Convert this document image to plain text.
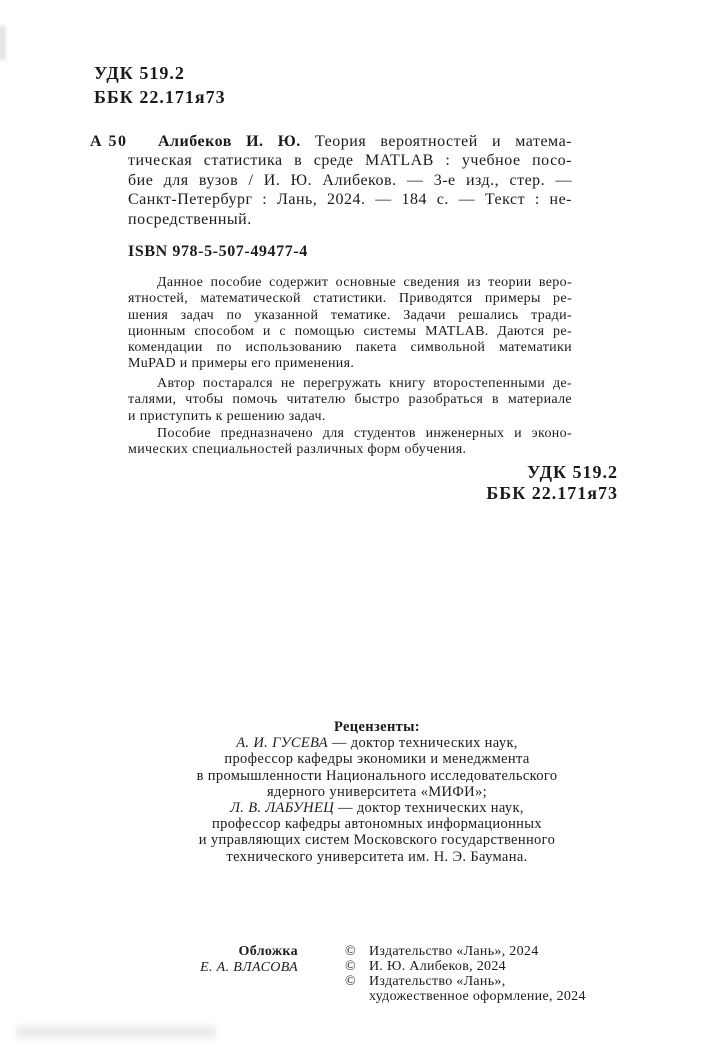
УДК 519.2
ББК 22.171я73
А 50 Алибеков И. Ю. Теория вероятностей и матема-
тическая статистика в среде MATLAB : учебное посо-
бие для вузов / И. Ю. Алибеков. — 3-е изд., стер. —
Санкт-Петербург : Лань, 2024. — 184 с. — Текст : не-
посредственный.
ISBN 978-5-507-49477-4
Данное пособие содержит основные сведения из теории веро-
ятностей, математической статистики. Приводятся примеры ре-
шения задач по указанной тематике. Задачи решались тради-
ционным способом и с помощью системы MATLAB. Даются ре-
комендации по использованию пакета символьной математики
MuPAD и примеры его применения.
Автор постарался не перегружать книгу второстепенными де-
талями, чтобы помочь читателю быстро разобраться в материале
и приступить к решению задач.
Пособие предназначено для студентов инженерных и эконо-
мических специальностей различных форм обучения.
УДК 519.2
ББК 22.171я73
Рецензенты:
А. И. ГУСЕВА — доктор технических наук,
профессор кафедры экономики и менеджмента
в промышленности Национального исследовательского
ядерного университета «МИФИ»;
Л. В. ЛАБУНЕЦ — доктор технических наук,
профессор кафедры автономных информационных
и управляющих систем Московского государственного
технического университета им. Н. Э. Баумана.
Обложка
Е. А. ВЛАСОВА
© Издательство «Лань», 2024
© И. Ю. Алибеков, 2024
© Издательство «Лань»,
художественное оформление, 2024
